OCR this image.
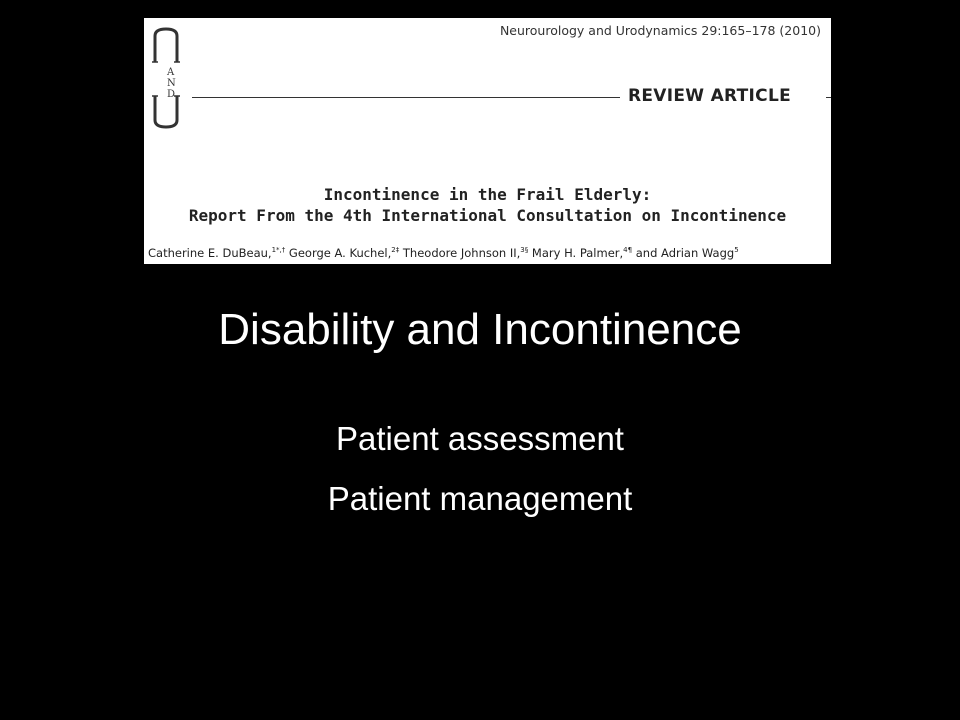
A
N
D
Neurourology and Urodynamics 29:165–178 (2010)
REVIEW ARTICLE
Incontinence in the Frail Elderly:
Report From the 4th International Consultation on Incontinence
Catherine E. DuBeau,$^{1*,\dagger}$ George A. Kuchel,$^{2\ddagger}$ Theodore Johnson II,$^{3\S}$ Mary H. Palmer,$^{4\P}$ and Adrian Wagg$^5$
Disability and Incontinence
Patient assessment
Patient management
